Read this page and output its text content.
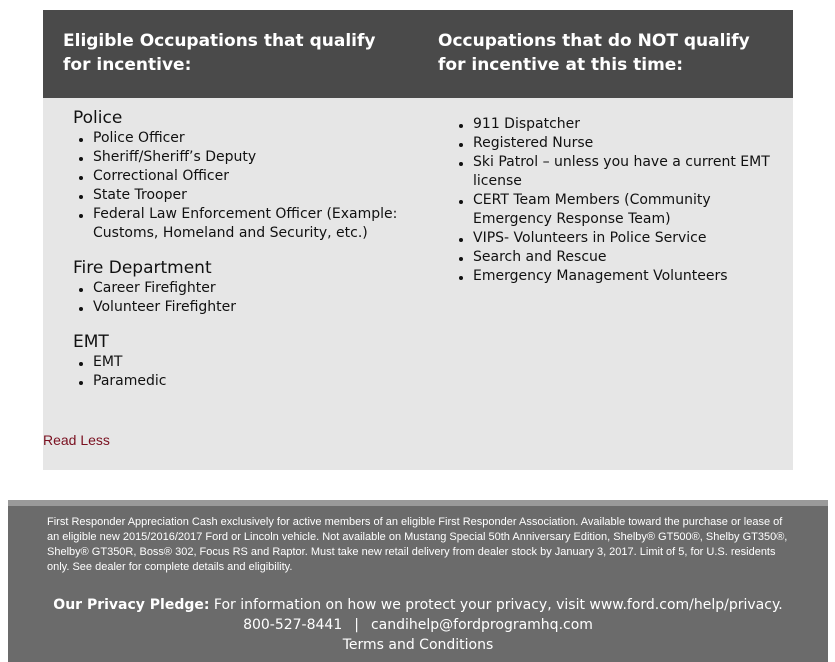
Eligible Occupations that qualify for incentive:
Occupations that do NOT qualify for incentive at this time:
Police
Police Officer
Sheriff/Sheriff’s Deputy
Correctional Officer
State Trooper
Federal Law Enforcement Officer (Example: Customs, Homeland and Security, etc.)
Fire Department
Career Firefighter
Volunteer Firefighter
EMT
EMT
Paramedic
911 Dispatcher
Registered Nurse
Ski Patrol – unless you have a current EMT license
CERT Team Members (Community Emergency Response Team)
VIPS- Volunteers in Police Service
Search and Rescue
Emergency Management Volunteers
Read Less

First Responder Appreciation Cash exclusively for active members of an eligible First Responder Association. Available toward the purchase or lease of an eligible new 2015/2016/2017 Ford or Lincoln vehicle. Not available on Mustang Special 50th Anniversary Edition, Shelby® GT500®, Shelby GT350®, Shelby® GT350R, Boss® 302, Focus RS and Raptor. Must take new retail delivery from dealer stock by January 3, 2017. Limit of 5, for U.S. residents only. See dealer for complete details and eligibility.

Our Privacy Pledge: For information on how we protect your privacy, visit www.ford.com/help/privacy.
800-527-8441 | candihelp@fordprogramhq.com
Terms and Conditions
